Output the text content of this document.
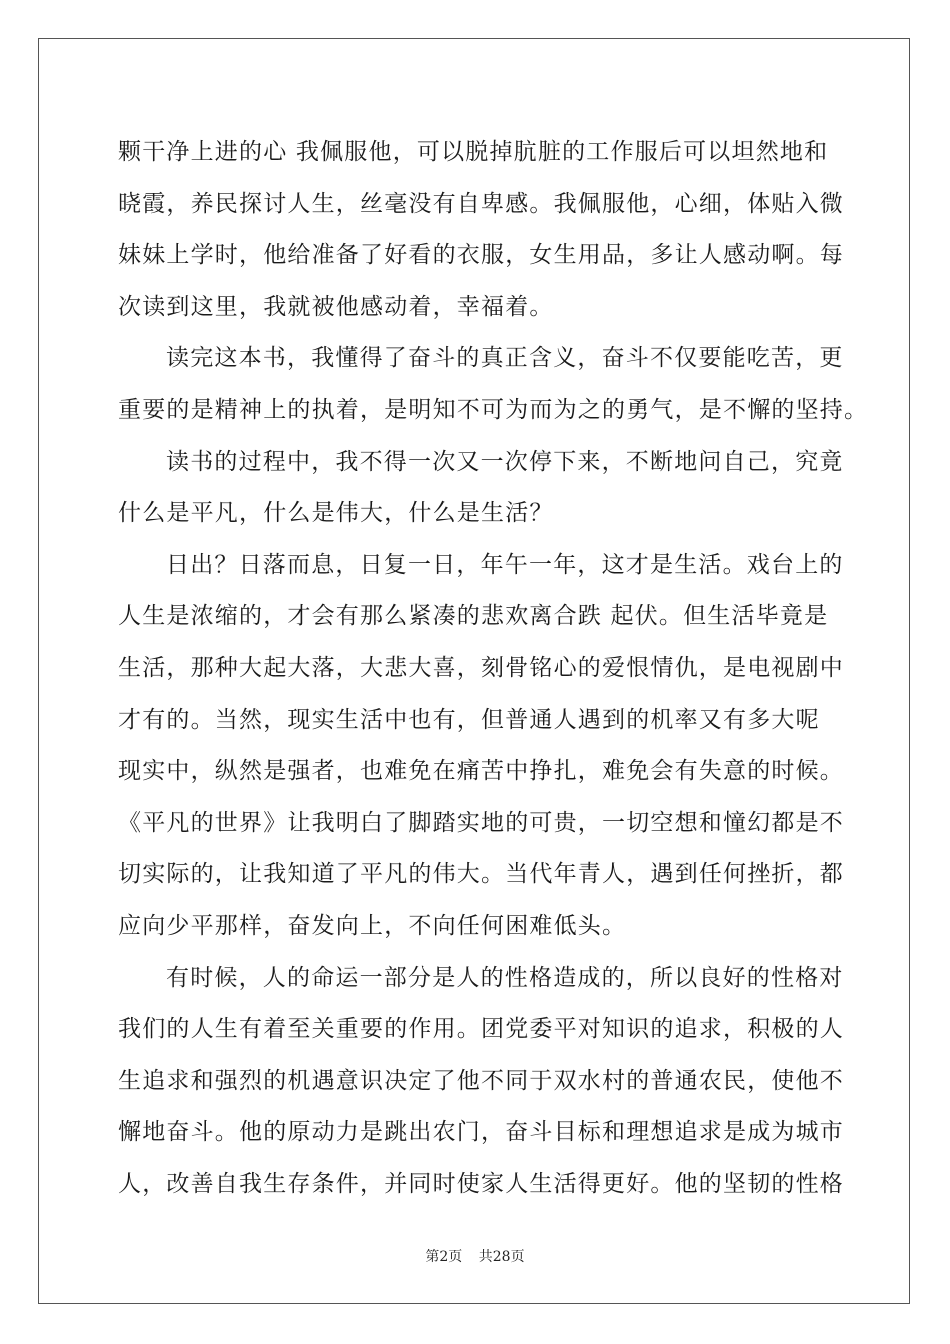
颗干净上进的心 我佩服他，可以脱掉肮脏的工作服后可以坦然地和
晓霞，养民探讨人生，丝毫没有自卑感。我佩服他，心细，体贴入微
妹妹上学时，他给准备了好看的衣服，女生用品，多让人感动啊。每
次读到这里，我就被他感动着，幸福着。
读完这本书，我懂得了奋斗的真正含义，奋斗不仅要能吃苦，更
重要的是精神上的执着，是明知不可为而为之的勇气，是不懈的坚持。
读书的过程中，我不得一次又一次停下来，不断地问自己，究竟
什么是平凡，什么是伟大，什么是生活？
日出？日落而息，日复一日，年午一年，这才是生活。戏台上的
人生是浓缩的，才会有那么紧凑的悲欢离合跌 起伏。但生活毕竟是
生活，那种大起大落，大悲大喜，刻骨铭心的爱恨情仇，是电视剧中
才有的。当然，现实生活中也有，但普通人遇到的机率又有多大呢
现实中，纵然是强者，也难免在痛苦中挣扎，难免会有失意的时候。
《平凡的世界》让我明白了脚踏实地的可贵，一切空想和憧幻都是不
切实际的，让我知道了平凡的伟大。当代年青人，遇到任何挫折，都
应向少平那样，奋发向上，不向任何困难低头。
有时候，人的命运一部分是人的性格造成的，所以良好的性格对
我们的人生有着至关重要的作用。团党委平对知识的追求，积极的人
生追求和强烈的机遇意识决定了他不同于双水村的普通农民，使他不
懈地奋斗。他的原动力是跳出农门，奋斗目标和理想追求是成为城市
人，改善自我生存条件，并同时使家人生活得更好。他的坚韧的性格
第2页 共28页
